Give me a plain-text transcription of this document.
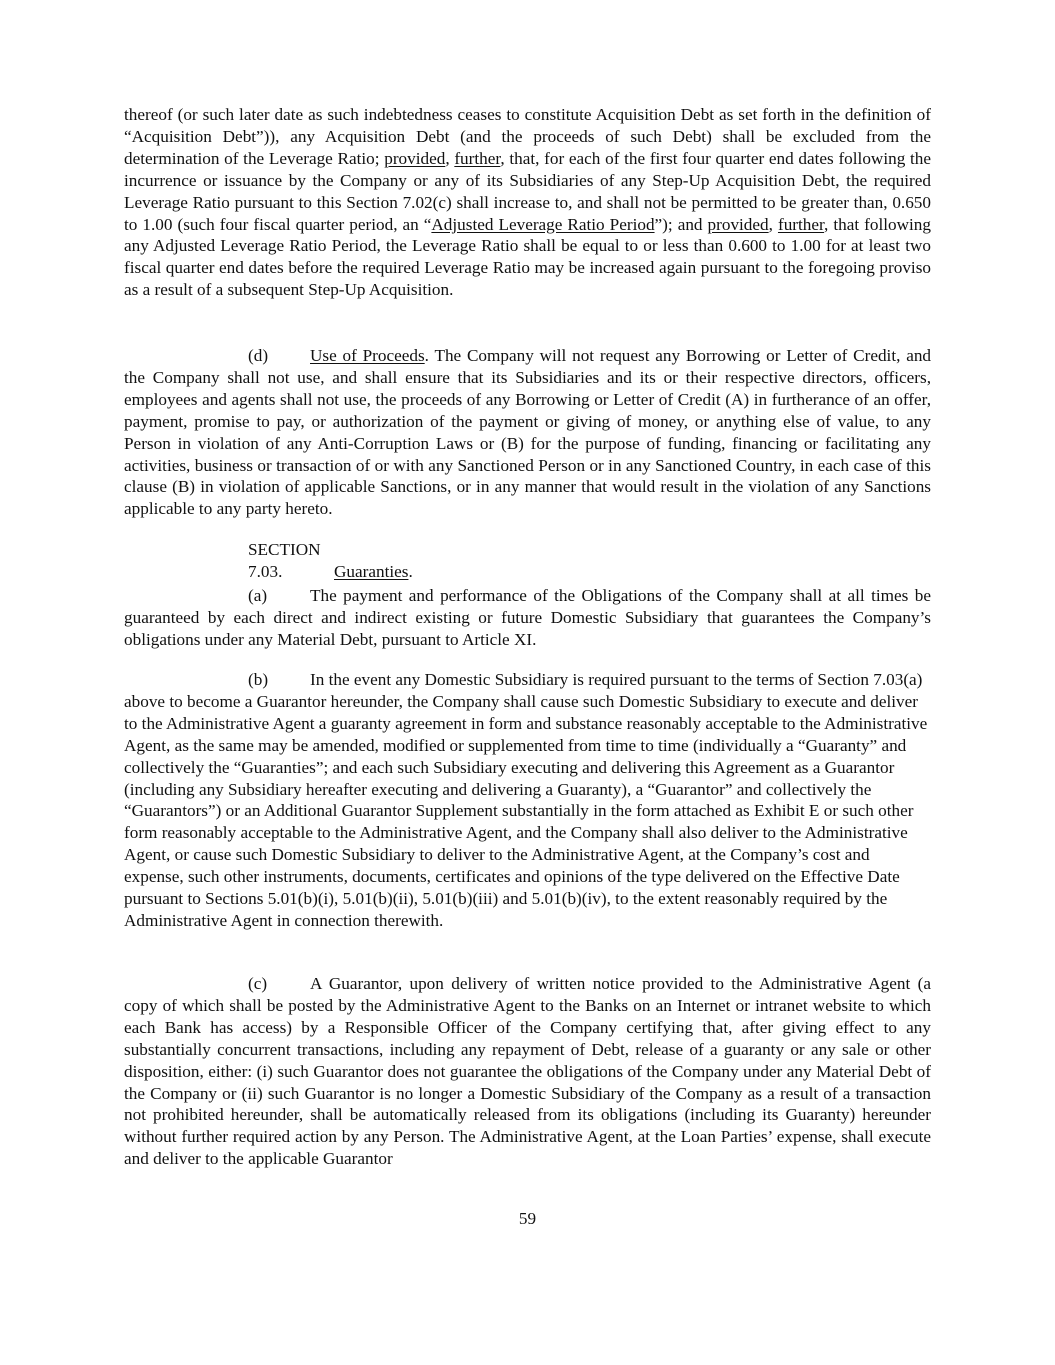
thereof (or such later date as such indebtedness ceases to constitute Acquisition Debt as set forth in the definition of “Acquisition Debt”)), any Acquisition Debt (and the proceeds of such Debt) shall be excluded from the determination of the Leverage Ratio; provided, further, that, for each of the first four quarter end dates following the incurrence or issuance by the Company or any of its Subsidiaries of any Step-Up Acquisition Debt, the required Leverage Ratio pursuant to this Section 7.02(c) shall increase to, and shall not be permitted to be greater than, 0.650 to 1.00 (such four fiscal quarter period, an “Adjusted Leverage Ratio Period”); and provided, further, that following any Adjusted Leverage Ratio Period, the Leverage Ratio shall be equal to or less than 0.600 to 1.00 for at least two fiscal quarter end dates before the required Leverage Ratio may be increased again pursuant to the foregoing proviso as a result of a subsequent Step-Up Acquisition.
(d) Use of Proceeds. The Company will not request any Borrowing or Letter of Credit, and the Company shall not use, and shall ensure that its Subsidiaries and its or their respective directors, officers, employees and agents shall not use, the proceeds of any Borrowing or Letter of Credit (A) in furtherance of an offer, payment, promise to pay, or authorization of the payment or giving of money, or anything else of value, to any Person in violation of any Anti-Corruption Laws or (B) for the purpose of funding, financing or facilitating any activities, business or transaction of or with any Sanctioned Person or in any Sanctioned Country, in each case of this clause (B) in violation of applicable Sanctions, or in any manner that would result in the violation of any Sanctions applicable to any party hereto.
SECTION 7.03.	Guaranties.
(a) The payment and performance of the Obligations of the Company shall at all times be guaranteed by each direct and indirect existing or future Domestic Subsidiary that guarantees the Company’s obligations under any Material Debt, pursuant to Article XI.
(b) In the event any Domestic Subsidiary is required pursuant to the terms of Section 7.03(a) above to become a Guarantor hereunder, the Company shall cause such Domestic Subsidiary to execute and deliver to the Administrative Agent a guaranty agreement in form and substance reasonably acceptable to the Administrative Agent, as the same may be amended, modified or supplemented from time to time (individually a “Guaranty” and collectively the “Guaranties”; and each such Subsidiary executing and delivering this Agreement as a Guarantor (including any Subsidiary hereafter executing and delivering a Guaranty), a “Guarantor” and collectively the “Guarantors”) or an Additional Guarantor Supplement substantially in the form attached as Exhibit E or such other form reasonably acceptable to the Administrative Agent, and the Company shall also deliver to the Administrative Agent, or cause such Domestic Subsidiary to deliver to the Administrative Agent, at the Company’s cost and expense, such other instruments, documents, certificates and opinions of the type delivered on the Effective Date pursuant to Sections 5.01(b)(i), 5.01(b)(ii), 5.01(b)(iii) and 5.01(b)(iv), to the extent reasonably required by the Administrative Agent in connection therewith.
(c) A Guarantor, upon delivery of written notice provided to the Administrative Agent (a copy of which shall be posted by the Administrative Agent to the Banks on an Internet or intranet website to which each Bank has access) by a Responsible Officer of the Company certifying that, after giving effect to any substantially concurrent transactions, including any repayment of Debt, release of a guaranty or any sale or other disposition, either: (i) such Guarantor does not guarantee the obligations of the Company under any Material Debt of the Company or (ii) such Guarantor is no longer a Domestic Subsidiary of the Company as a result of a transaction not prohibited hereunder, shall be automatically released from its obligations (including its Guaranty) hereunder without further required action by any Person. The Administrative Agent, at the Loan Parties’ expense, shall execute and deliver to the applicable Guarantor
59
